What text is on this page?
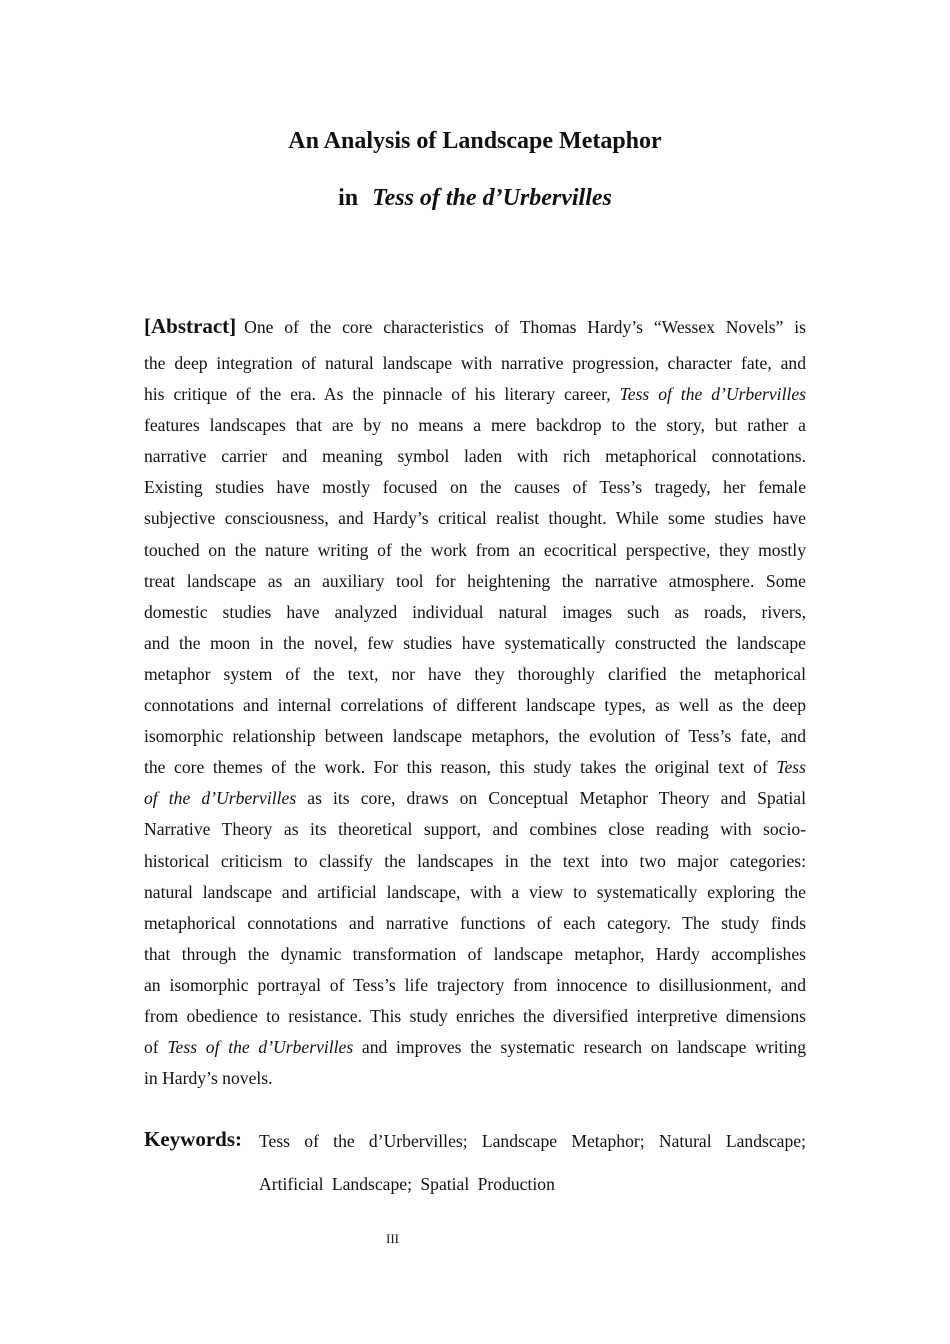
An Analysis of Landscape Metaphor
in Tess of the d’Urbervilles
[Abstract] One of the core characteristics of Thomas Hardy’s “Wessex Novels” is
the deep integration of natural landscape with narrative progression, character fate, and
his critique of the era. As the pinnacle of his literary career, Tess of the d’Urbervilles
features landscapes that are by no means a mere backdrop to the story, but rather a
narrative carrier and meaning symbol laden with rich metaphorical connotations.
Existing studies have mostly focused on the causes of Tess’s tragedy, her female
subjective consciousness, and Hardy’s critical realist thought. While some studies have
touched on the nature writing of the work from an ecocritical perspective, they mostly
treat landscape as an auxiliary tool for heightening the narrative atmosphere. Some
domestic studies have analyzed individual natural images such as roads, rivers,
and the moon in the novel, few studies have systematically constructed the landscape
metaphor system of the text, nor have they thoroughly clarified the metaphorical
connotations and internal correlations of different landscape types, as well as the deep
isomorphic relationship between landscape metaphors, the evolution of Tess’s fate, and
the core themes of the work. For this reason, this study takes the original text of Tess
of the d’Urbervilles as its core, draws on Conceptual Metaphor Theory and Spatial
Narrative Theory as its theoretical support, and combines close reading with socio-
historical criticism to classify the landscapes in the text into two major categories:
natural landscape and artificial landscape, with a view to systematically exploring the
metaphorical connotations and narrative functions of each category. The study finds
that through the dynamic transformation of landscape metaphor, Hardy accomplishes
an isomorphic portrayal of Tess’s life trajectory from innocence to disillusionment, and
from obedience to resistance. This study enriches the diversified interpretive dimensions
of Tess of the d’Urbervilles and improves the systematic research on landscape writing
in Hardy’s novels.
Keywords: Tess of the d’Urbervilles; Landscape Metaphor; Natural Landscape;
Artificial Landscape; Spatial Production
III
